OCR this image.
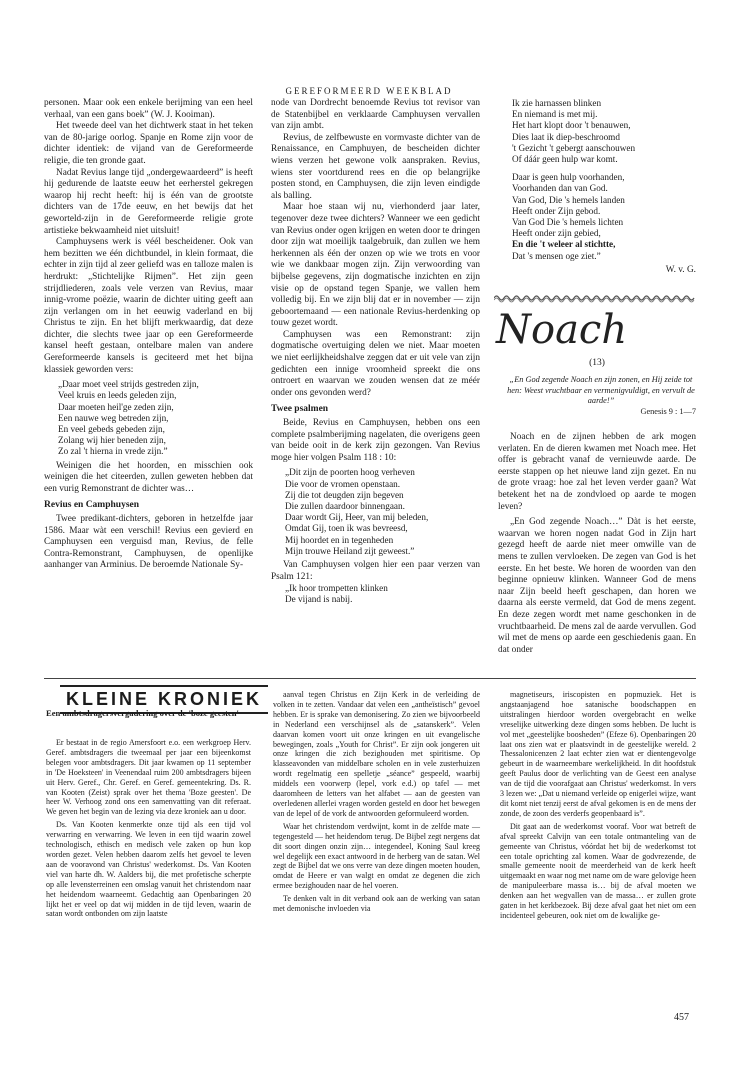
GEREFORMEERD WEEKBLAD

personen. Maar ook een enkele berijming van een heel verhaal, van een gans boek” (W. J. Kooiman).

Het tweede deel van het dichtwerk staat in het teken van de 80-jarige oorlog. Spanje en Rome zijn voor de dichter identiek: de vijand van de Gereformeerde religie, die ten gronde gaat.

Nadat Revius lange tijd „ondergewaardeerd” is heeft hij gedurende de laatste eeuw het eerherstel gekregen waarop hij recht heeft: hij is één van de grootste dichters van de 17de eeuw, en het bewijs dat het geworteld-zijn in de Gereformeerde religie grote artistieke bekwaamheid niet uitsluit!

Camphuysens werk is véél bescheidener. Ook van hem bezitten we één dichtbundel, in klein formaat, die echter in zijn tijd al zeer geliefd was en talloze malen is herdrukt: „Stichtelijke Rijmen”. Het zijn geen strijdliederen, zoals vele verzen van Revius, maar innig-vrome poëzie, waarin de dichter uiting geeft aan zijn verlangen om in het eeuwig vaderland en bij Christus te zijn. En het blijft merkwaardig, dat deze dichter, die slechts twee jaar op een Gereformeerde kansel heeft gestaan, ontelbare malen van andere Gereformeerde kansels is geciteerd met het bijna klassiek geworden vers:

„Daar moet veel strijds gestreden zijn,
Veel kruis en leeds geleden zijn,
Daar moeten heil'ge zeden zijn,
Een nauwe weg betreden zijn,
En veel gebeds gebeden zijn,
Zolang wij hier beneden zijn,
Zo zal 't hierna in vrede zijn.”

Weinigen die het hoorden, en misschien ook weinigen die het citeerden, zullen geweten hebben dat een vurig Remonstrant de dichter was…

Revius en Camphuysen

Twee predikant-dichters, geboren in hetzelfde jaar 1586. Maar wàt een verschil! Revius een gevierd en Camphuysen een verguisd man, Revius, de felle Contra-Remonstrant, Camphuysen, de openlijke aanhanger van Arminius. De beroemde Nationale Sy-

node van Dordrecht benoemde Revius tot revisor van de Statenbijbel en verklaarde Camphuysen vervallen van zijn ambt.

Revius, de zelfbewuste en vormvaste dichter van de Renaissance, en Camphuyen, de bescheiden dichter wiens verzen het gewone volk aanspraken. Revius, wiens ster voortdurend rees en die op belangrijke posten stond, en Camphuysen, die zijn leven eindigde als balling.

Maar hoe staan wij nu, vierhonderd jaar later, tegenover deze twee dichters? Wanneer we een gedicht van Revius onder ogen krijgen en weten door te dringen door zijn wat moeilijk taalgebruik, dan zullen we hem herkennen als één der onzen op wie we trots en voor wie we dankbaar mogen zijn. Zijn verwoording van bijbelse gegevens, zijn dogmatische inzichten en zijn visie op de opstand tegen Spanje, we vallen hem volledig bij. En we zijn blij dat er in november — zijn geboortemaand — een nationale Revius-herdenking op touw gezet wordt.

Camphuysen was een Remonstrant: zijn dogmatische overtuiging delen we niet. Maar moeten we niet eerlijkheidshalve zeggen dat er uit vele van zijn gedichten een innige vroomheid spreekt die ons ontroert en waarvan we zouden wensen dat ze méér onder ons gevonden werd?

Twee psalmen

Beide, Revius en Camphuysen, hebben ons een complete psalmberijming nagelaten, die overigens geen van beide ooit in de kerk zijn gezongen. Van Revius moge hier volgen Psalm 118 : 10:

„Dit zijn de poorten hoog verheven
Die voor de vromen openstaan.
Zij die tot deugden zijn begeven
Die zullen daardoor binnengaan.
Daar wordt Gij, Heer, van mij beleden,
Omdat Gij, toen ik was bevreesd,
Mij hoordet en in tegenheden
Mijn trouwe Heiland zijt geweest.”

Van Camphuysen volgen hier een paar verzen van Psalm 121:

„Ik hoor trompetten klinken
De vijand is nabij.
Ik zie harnassen blinken
En niemand is met mij.
Het hart klopt door 't benauwen,
Dies laat ik diep-beschroomd
't Gezicht 't gebergt aanschouwen
Of dáár geen hulp war komt.
Daar is geen hulp voorhanden,
Voorhanden dan van God.
Van God, Die 's hemels landen
Heeft onder Zijn gebod.
Van God Die 's hemels lichten
Heeft onder zijn gebied,
En die 't weleer al stichtte,
Dat 's mensen oge ziet.”
W. v. G.
Noach
(13)
„En God zegende Noach en zijn zonen, en Hij zeide tot hen: Weest vruchtbaar en vermenigvuldigt, en vervult de aarde!”
Genesis 9 : 1—7

Noach en de zijnen hebben de ark mogen verlaten. En de dieren kwamen met Noach mee. Het offer is gebracht vanaf de vernieuwde aarde. De eerste stappen op het nieuwe land zijn gezet. En nu de grote vraag: hoe zal het leven verder gaan? Wat betekent het na de zondvloed op aarde te mogen leven?

„En God zegende Noach…” Dàt is het eerste, waarvan we horen nogen nadat God in Zijn hart gezegd heeft de aarde niet meer omwille van de mens te zullen vervloeken. De zegen van God is het eerste. En het beste. We horen de woorden van den beginne opnieuw klinken. Wanneer God de mens naar Zijn beeld heeft geschapen, dan horen we daarna als eerste vermeld, dat God de mens zegent. En deze zegen wordt met name geschonken in de vruchtbaarheid. De mens zal de aarde vervullen. God wil met de mens op aarde een geschiedenis gaan. En dat onder

KLEINE KRONIEK
Een ambtsdragersvergadering over de 'boze geesten'

Er bestaat in de regio Amersfoort e.o. een werkgroep Herv. Geref. ambtsdragers die tweemaal per jaar een bijeenkomst belegen voor ambtsdragers. Dit jaar kwamen op 11 september in 'De Hoeksteen' in Veenendaal ruim 200 ambtsdragers bijeen uit Herv. Geref., Chr. Geref. en Geref. gemeentekring. Ds. R. van Kooten (Zeist) sprak over het thema 'Boze geesten'. De heer W. Verhoog zond ons een samenvatting van dit referaat. We geven het begin van de lezing via deze kroniek aan u door.

Ds. Van Kooten kenmerkte onze tijd als een tijd vol verwarring en verwarring. We leven in een tijd waarin zowel technologisch, ethisch en medisch vele zaken op hun kop worden gezet. Velen hebben daarom zelfs het gevoel te leven aan de vooravond van Christus' wederkomst. Ds. Van Kooten viel van harte dh. W. Aalders bij, die met profetische scherpte op alle levensterreinen een omslag vanuit het christendom naar het heidendom waarneemt. Gedachtig aan Openbaringen 20 lijkt het er veel op dat wij midden in de tijd leven, waarin de satan wordt ontbonden om zijn laatste

aanval tegen Christus en Zijn Kerk in de verleiding de volken in te zetten. Vandaar dat velen een „antheïstisch” gevoel hebben. Er is sprake van demonisering. Zo zien we bijvoorbeeld in Nederland een verschijnsel als de „satanskerk”. Velen daarvan komen voort uit onze kringen en uit evangelische bewegingen, zoals „Youth for Christ”. Er zijn ook jongeren uit onze kringen die zich bezighouden met spiritisme. Op klasseavonden van middelbare scholen en in vele zusterhuizen wordt regelmatig een spelletje „séance” gespeeld, waarbij middels een voorwerp (lepel, vork e.d.) op tafel — met daaromheen de letters van het alfabet — aan de geesten van overledenen allerlei vragen worden gesteld en door het bewegen van de lepel of de vork de antwoorden geformuleerd worden.

Waar het christendom verdwijnt, komt in de zelfde mate — tegengesteld — het heidendom terug. De Bijbel zegt nergens dat dit soort dingen onzin zijn… integendeel, Koning Saul kreeg wel degelijk een exact antwoord in de herberg van de satan. Wel zegt de Bijbel dat we ons verre van deze dingen moeten houden, omdat de Heere er van walgt en omdat ze degenen die zich ermee bezighouden naar de hel voeren.

Te denken valt in dit verband ook aan de werking van satan met demonische invloeden via

magnetiseurs, iriscopisten en popmuziek. Het is angstaanjagend hoe satanische boodschappen en uitstralingen hierdoor worden overgebracht en welke vreselijke uitwerking deze dingen soms hebben. De lucht is vol met „geestelijke boosheden” (Efeze 6). Openbaringen 20 laat ons zien wat er plaatsvindt in de geestelijke wereld. 2 Thessalonicenzen 2 laat echter zien wat er dientengevolge gebeurt in de waarneembare werkelijkheid. In dit hoofdstuk geeft Paulus door de verlichting van de Geest een analyse van de tijd die voorafgaat aan Christus' wederkomst. In vers 3 lezen we: „Dat u niemand verleide op enigerlei wijze, want dit komt niet tenzij eerst de afval gekomen is en de mens der zonde, de zoon des verderfs geopenbaard is”.

Dit gaat aan de wederkomst vooraf. Voor wat betreft de afval spreekt Calvijn van een totale ontmanteling van de gemeente van Christus, vóórdat het bij de wederkomst tot een totale oprichting zal komen. Waar de godvrezende, de smalle gemeente nooit de meerderheid van de kerk heeft uitgemaakt en waar nog met name om de ware gelovige heen de manipuleerbare massa is… bij de afval moeten we denken aan het wegvallen van de massa… er zullen grote gaten in het kerkbezoek. Bij deze afval gaat het niet om een incidenteel gebeuren, ook niet om de kwalijke ge-

457
